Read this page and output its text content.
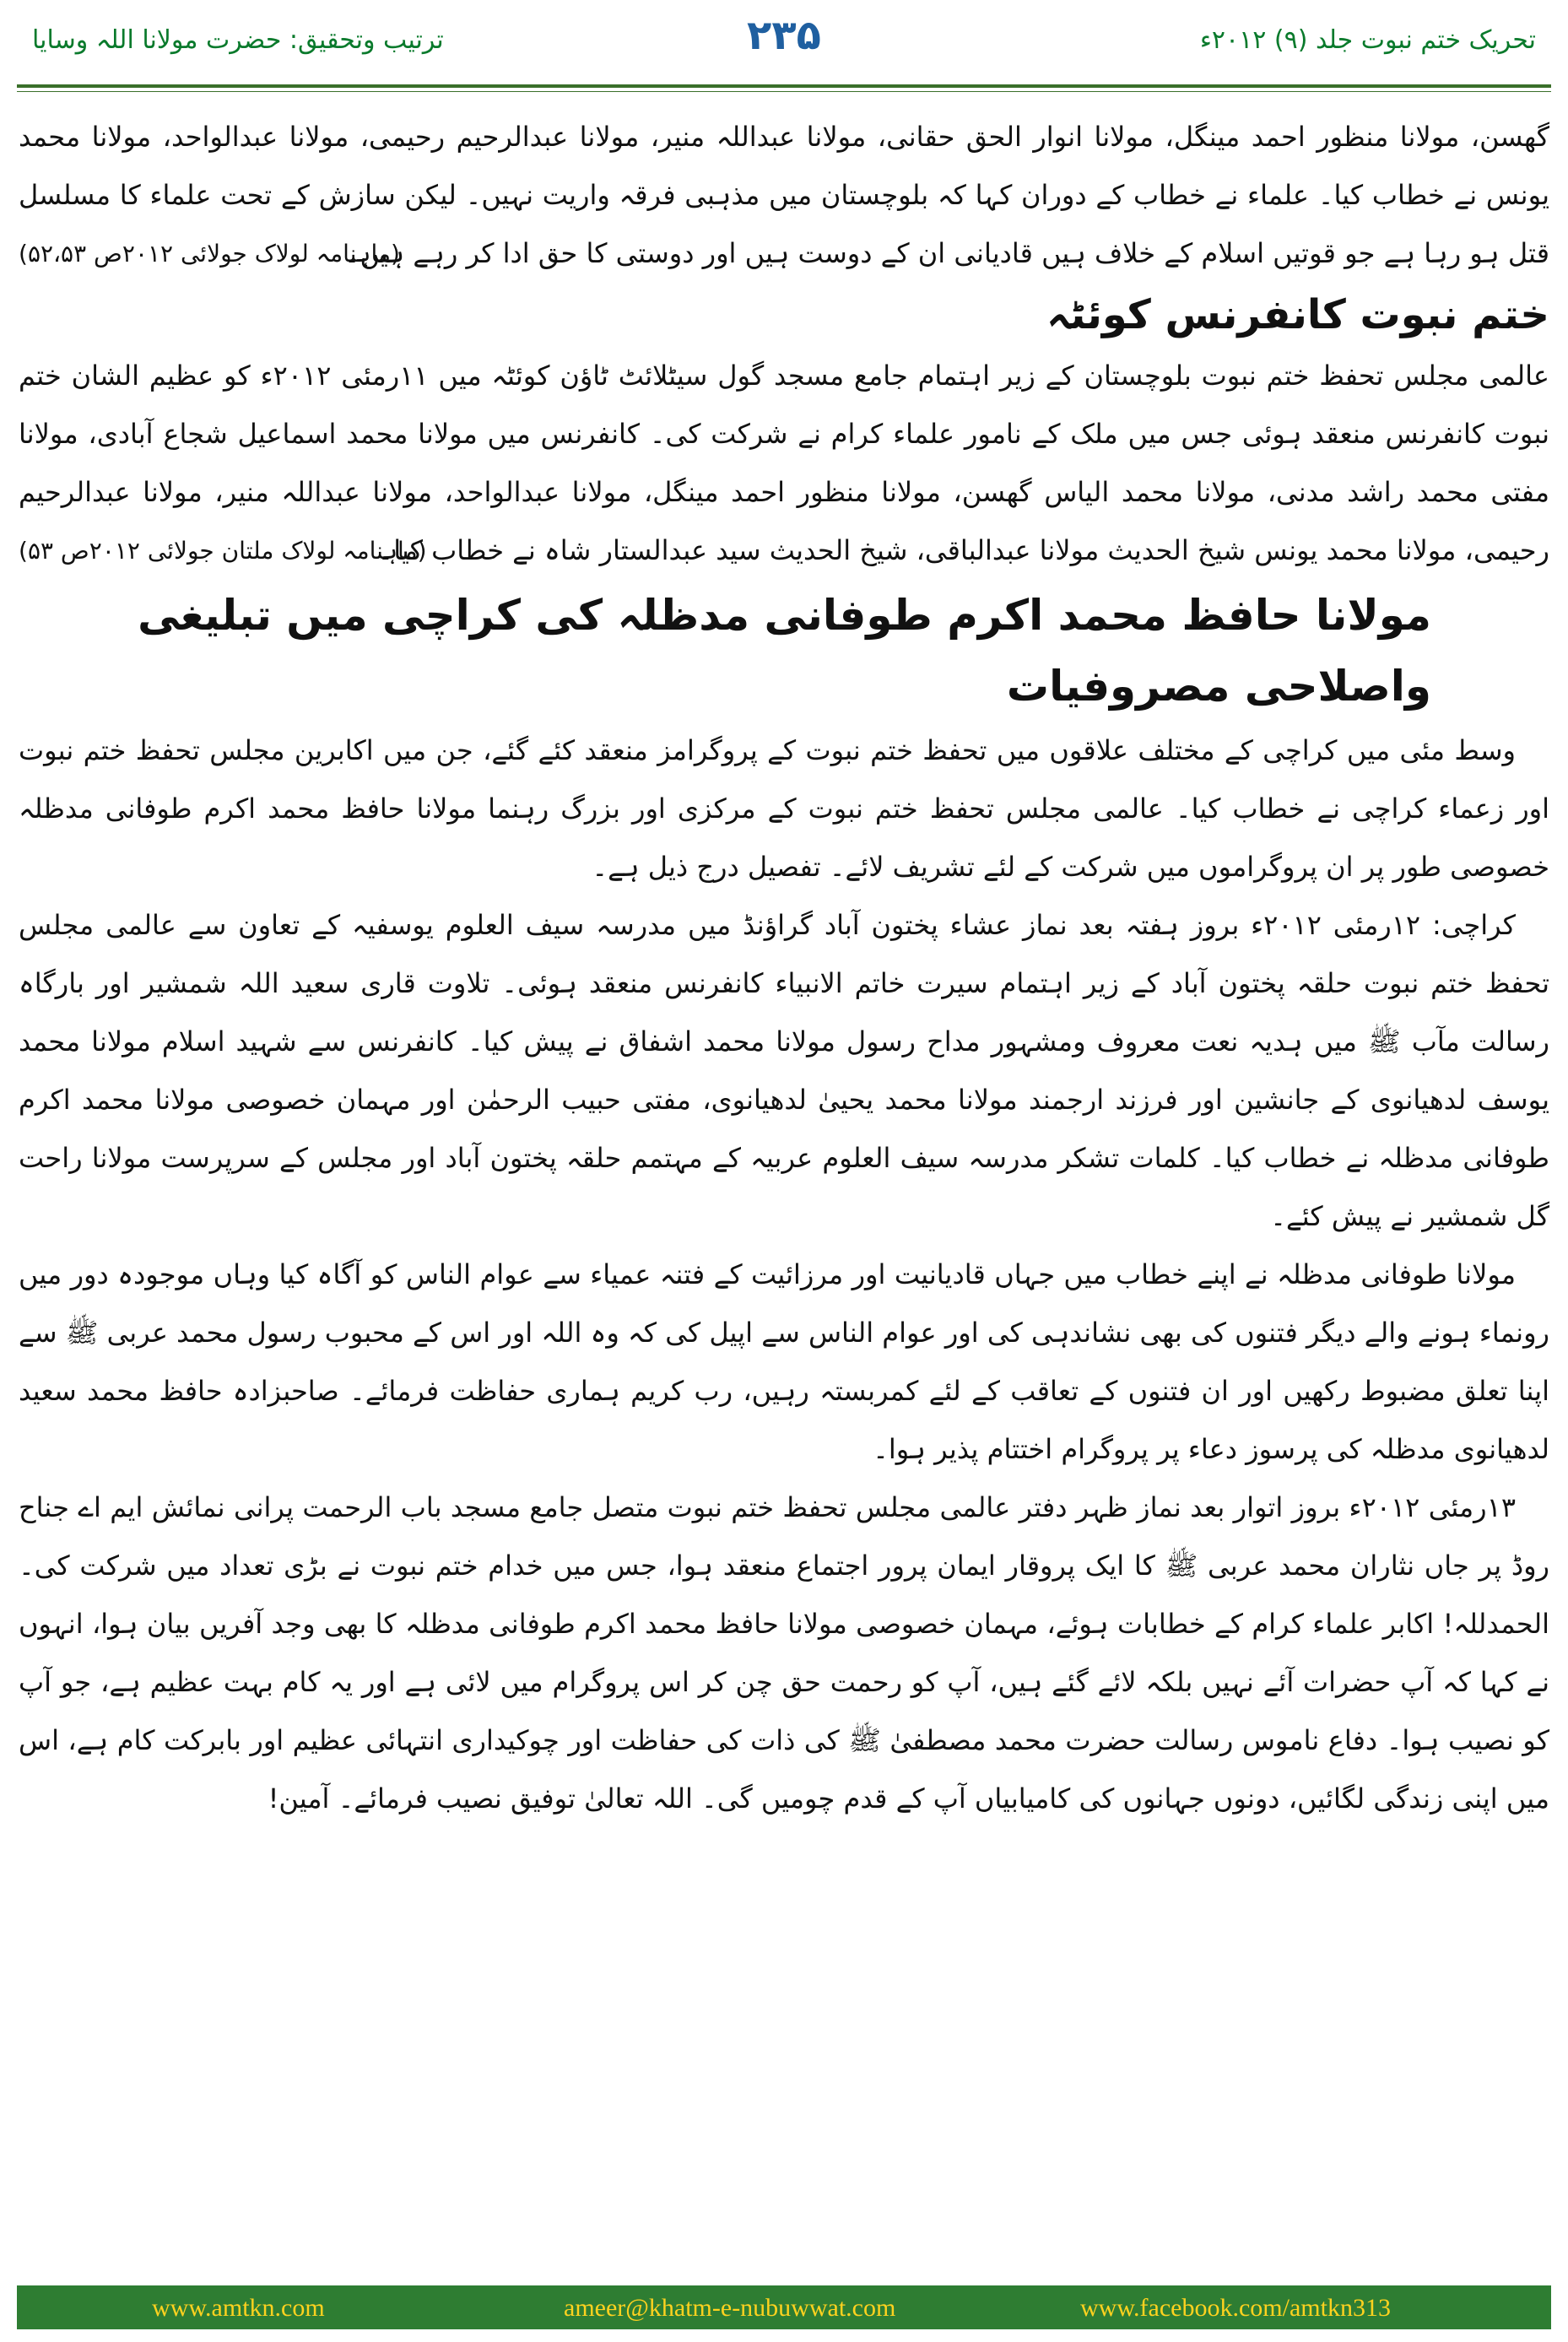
تحریک ختم نبوت جلد (۹) ۲۰۱۲ء
۲۳۵
ترتیب وتحقیق: حضرت مولانا اللہ وسایا
گھسن، مولانا منظور احمد مینگل، مولانا انوار الحق حقانی، مولانا عبداللہ منیر، مولانا عبدالرحیم رحیمی، مولانا عبدالواحد، مولانا محمد یونس نے خطاب کیا۔ علماء نے خطاب کے دوران کہا کہ بلوچستان میں مذہبی فرقہ واریت نہیں۔ لیکن سازش کے تحت علماء کا مسلسل قتل ہو رہا ہے جو قوتیں اسلام کے خلاف ہیں قادیانی ان کے دوست ہیں اور دوستی کا حق ادا کر رہے ہیں۔
(ماہنامہ لولاک جولائی ۲۰۱۲ص ۵۲،۵۳)
ختم نبوت کانفرنس کوئٹہ
عالمی مجلس تحفظ ختم نبوت بلوچستان کے زیر اہتمام جامع مسجد گول سیٹلائٹ ٹاؤن کوئٹہ میں ۱۱رمئی ۲۰۱۲ء کو عظیم الشان ختم نبوت کانفرنس منعقد ہوئی جس میں ملک کے نامور علماء کرام نے شرکت کی۔ کانفرنس میں مولانا محمد اسماعیل شجاع آبادی، مولانا مفتی محمد راشد مدنی، مولانا محمد الیاس گھسن، مولانا منظور احمد مینگل، مولانا عبدالواحد، مولانا عبداللہ منیر، مولانا عبدالرحیم رحیمی، مولانا محمد یونس شیخ الحدیث مولانا عبدالباقی، شیخ الحدیث سید عبدالستار شاہ نے خطاب کیا۔
(ماہنامہ لولاک ملتان جولائی ۲۰۱۲ص ۵۳)
مولانا حافظ محمد اکرم طوفانی مدظلہ کی کراچی میں تبلیغی واصلاحی مصروفیات
وسط مئی میں کراچی کے مختلف علاقوں میں تحفظ ختم نبوت کے پروگرامز منعقد کئے گئے، جن میں اکابرین مجلس تحفظ ختم نبوت اور زعماء کراچی نے خطاب کیا۔ عالمی مجلس تحفظ ختم نبوت کے مرکزی اور بزرگ رہنما مولانا حافظ محمد اکرم طوفانی مدظلہ خصوصی طور پر ان پروگراموں میں شرکت کے لئے تشریف لائے۔ تفصیل درج ذیل ہے۔
کراچی: ۱۲رمئی ۲۰۱۲ء بروز ہفتہ بعد نماز عشاء پختون آباد گراؤنڈ میں مدرسہ سیف العلوم یوسفیہ کے تعاون سے عالمی مجلس تحفظ ختم نبوت حلقہ پختون آباد کے زیر اہتمام سیرت خاتم الانبیاء کانفرنس منعقد ہوئی۔ تلاوت قاری سعید اللہ شمشیر اور بارگاہ رسالت مآب ﷺ میں ہدیہ نعت معروف ومشہور مداح رسول مولانا محمد اشفاق نے پیش کیا۔ کانفرنس سے شہید اسلام مولانا محمد یوسف لدھیانوی کے جانشین اور فرزند ارجمند مولانا محمد یحییٰ لدھیانوی، مفتی حبیب الرحمٰن اور مہمان خصوصی مولانا محمد اکرم طوفانی مدظلہ نے خطاب کیا۔ کلمات تشکر مدرسہ سیف العلوم عربیہ کے مہتمم حلقہ پختون آباد اور مجلس کے سرپرست مولانا راحت گل شمشیر نے پیش کئے۔
مولانا طوفانی مدظلہ نے اپنے خطاب میں جہاں قادیانیت اور مرزائیت کے فتنہ عمیاء سے عوام الناس کو آگاہ کیا وہاں موجودہ دور میں رونماء ہونے والے دیگر فتنوں کی بھی نشاندہی کی اور عوام الناس سے اپیل کی کہ وہ اللہ اور اس کے محبوب رسول محمد عربی ﷺ سے اپنا تعلق مضبوط رکھیں اور ان فتنوں کے تعاقب کے لئے کمربستہ رہیں، رب کریم ہماری حفاظت فرمائے۔ صاحبزادہ حافظ محمد سعید لدھیانوی مدظلہ کی پرسوز دعاء پر پروگرام اختتام پذیر ہوا۔
۱۳رمئی ۲۰۱۲ء بروز اتوار بعد نماز ظہر دفتر عالمی مجلس تحفظ ختم نبوت متصل جامع مسجد باب الرحمت پرانی نمائش ایم اے جناح روڈ پر جاں نثاران محمد عربی ﷺ کا ایک پروقار ایمان پرور اجتماع منعقد ہوا، جس میں خدام ختم نبوت نے بڑی تعداد میں شرکت کی۔ الحمدللہ! اکابر علماء کرام کے خطابات ہوئے، مہمان خصوصی مولانا حافظ محمد اکرم طوفانی مدظلہ کا بھی وجد آفریں بیان ہوا، انہوں نے کہا کہ آپ حضرات آئے نہیں بلکہ لائے گئے ہیں، آپ کو رحمت حق چن کر اس پروگرام میں لائی ہے اور یہ کام بہت عظیم ہے، جو آپ کو نصیب ہوا۔ دفاع ناموس رسالت حضرت محمد مصطفیٰ ﷺ کی ذات کی حفاظت اور چوکیداری انتہائی عظیم اور بابرکت کام ہے، اس میں اپنی زندگی لگائیں، دونوں جہانوں کی کامیابیاں آپ کے قدم چومیں گی۔ اللہ تعالیٰ توفیق نصیب فرمائے۔ آمین!
www.amtkn.com	ameer@khatm-e-nubuwwat.com	www.facebook.com/amtkn313
